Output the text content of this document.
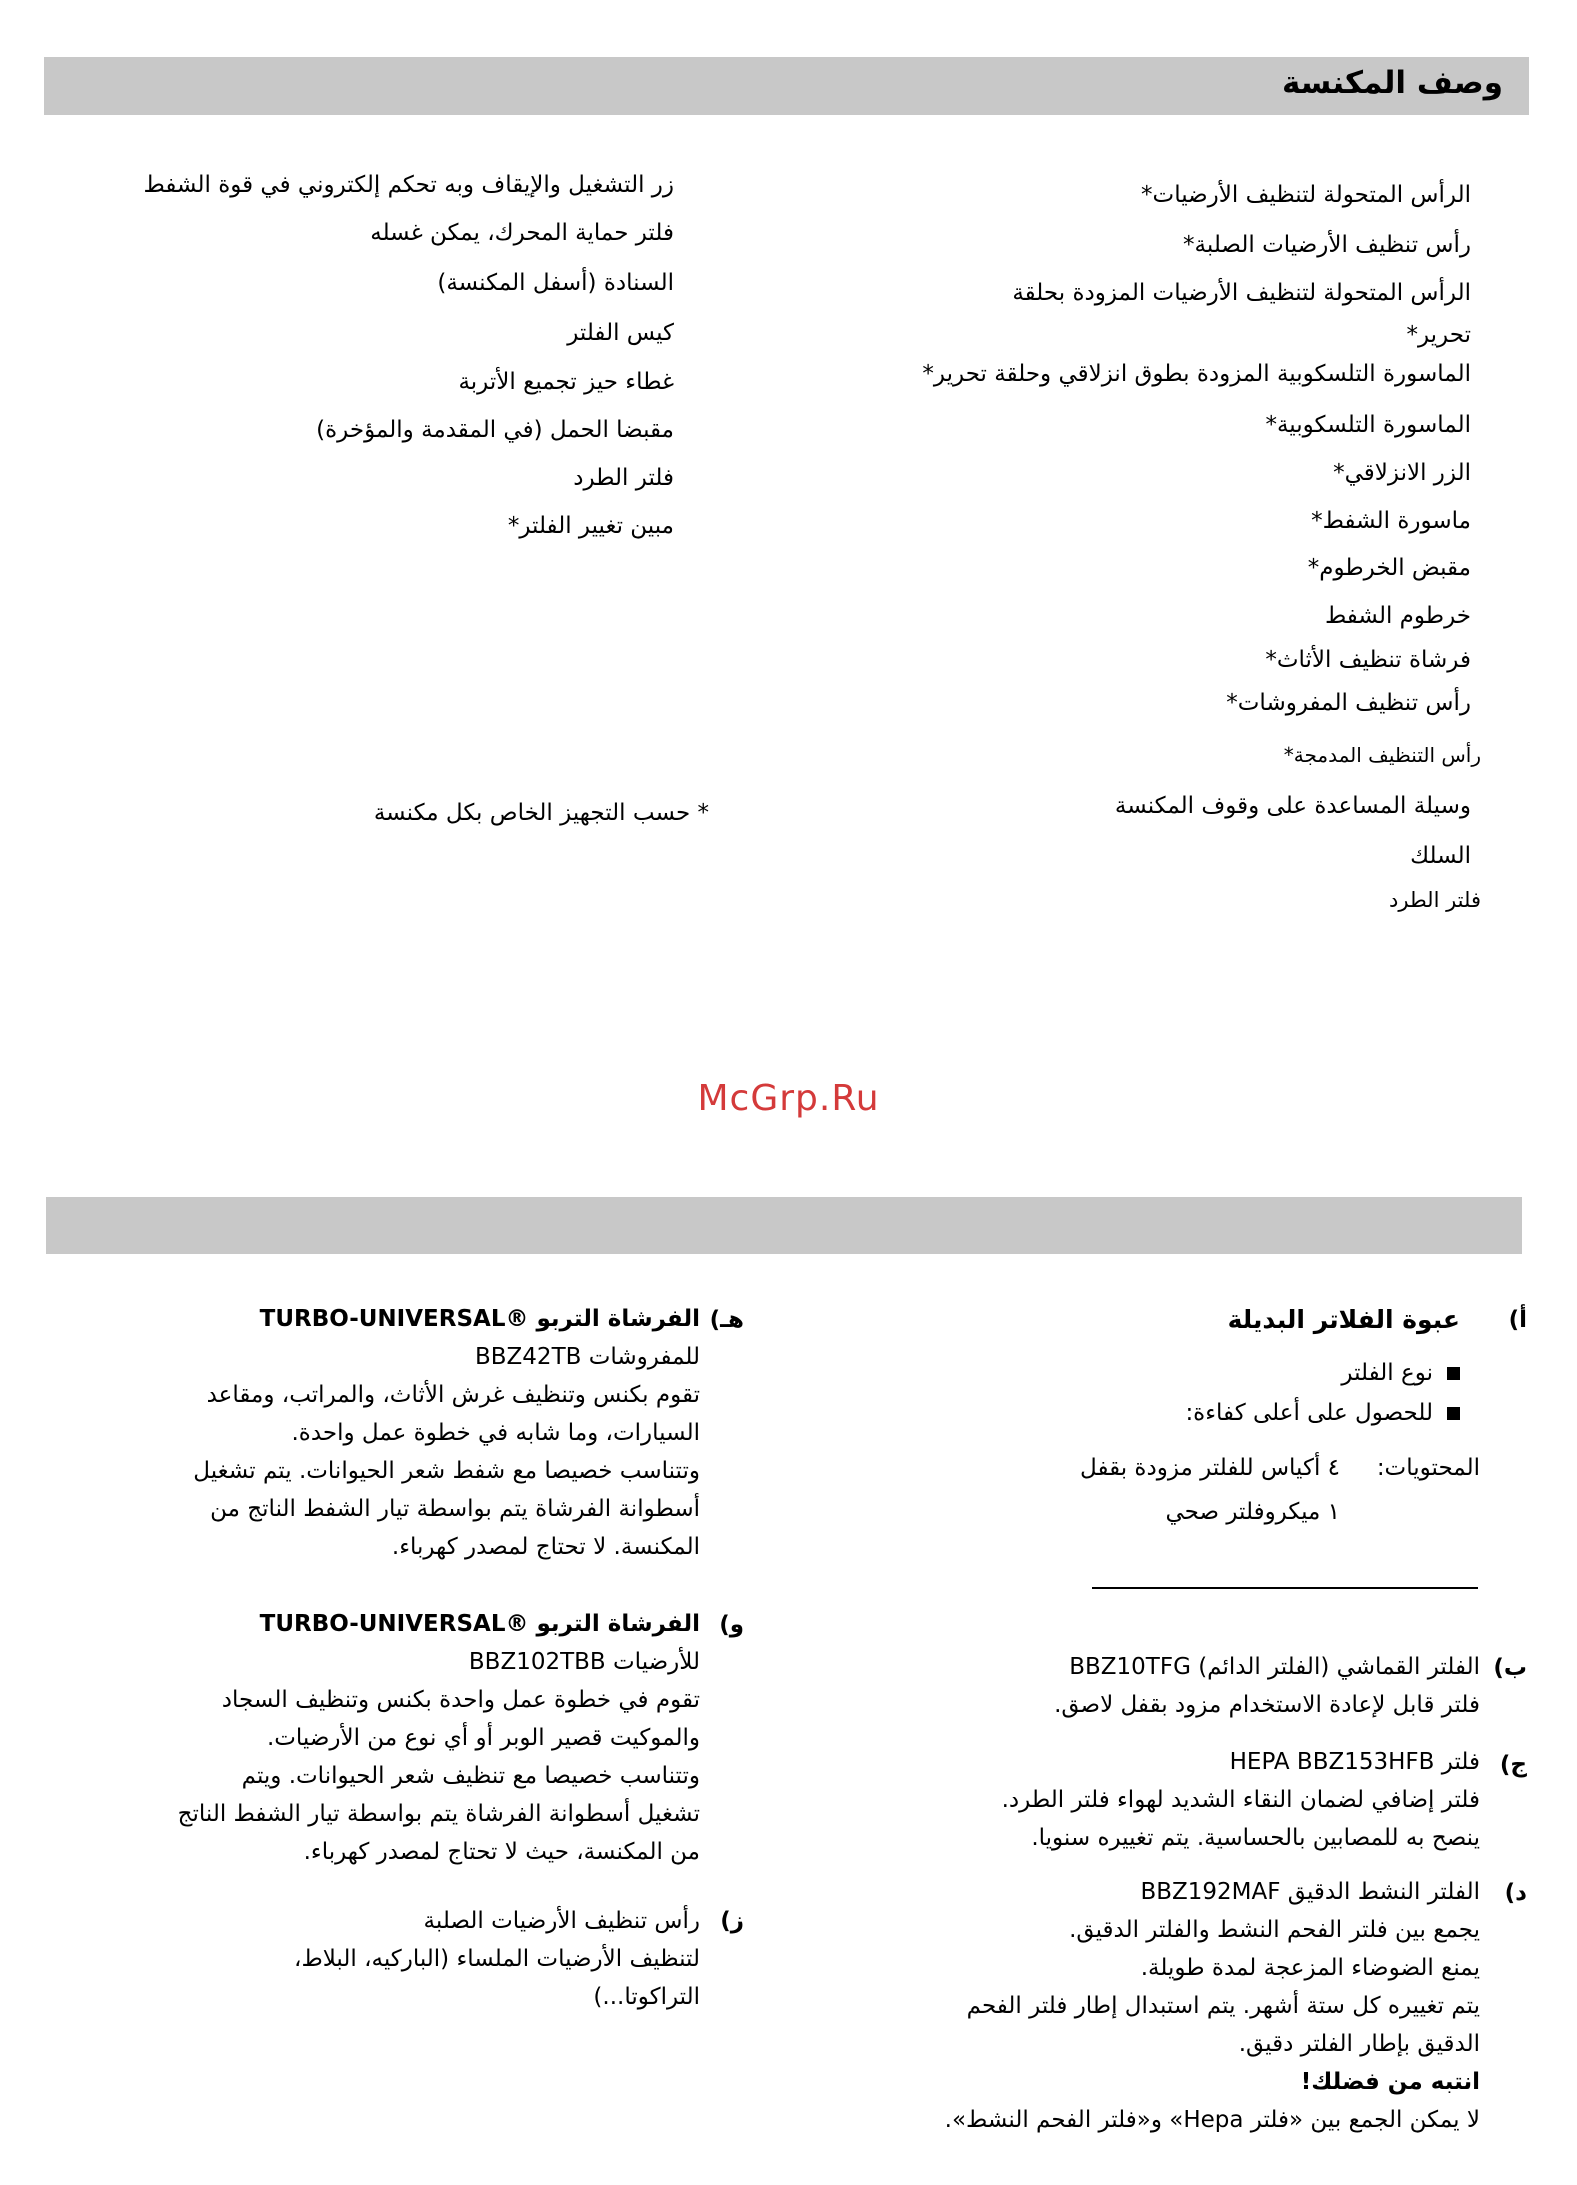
وصف المكنسة
الرأس المتحولة لتنظيف الأرضيات*
رأس تنظيف الأرضيات الصلبة*
الرأس المتحولة لتنظيف الأرضيات المزودة بحلقة
تحرير*
الماسورة التلسكوبية المزودة بطوق انزلاقي وحلقة تحرير*
الماسورة التلسكوبية*
الزر الانزلاقي*
ماسورة الشفط*
مقبض الخرطوم*
خرطوم الشفط
فرشاة تنظيف الأثاث*
رأس تنظيف المفروشات*
رأس التنظيف المدمجة*
وسيلة المساعدة على وقوف المكنسة
السلك
فلتر الطرد
زر التشغيل والإيقاف وبه تحكم إلكتروني في قوة الشفط
فلتر حماية المحرك، يمكن غسله
السنادة (أسفل المكنسة)
كيس الفلتر
غطاء حيز تجميع الأتربة
مقبضا الحمل (في المقدمة والمؤخرة)
فلتر الطرد
مبين تغيير الفلتر*
* حسب التجهيز الخاص بكل مكنسة
McGrp.Ru
أ)
عبوة الفلاتر البديلة
نوع الفلتر
للحصول على أعلى كفاءة:
المحتويات:
٤ أكياس للفلتر مزودة بقفل
١ ميكروفلتر صحي
ب)

الفلتر القماشي (الفلتر الدائم) BBZ10TFG

فلتر قابل لإعادة الاستخدام مزود بقفل لاصق.

ج)

فلتر HEPA BBZ153HFB

فلتر إضافي لضمان النقاء الشديد لهواء فلتر الطرد.

ينصح به للمصابين بالحساسية. يتم تغييره سنويا.

د)

الفلتر النشط الدقيق BBZ192MAF

يجمع بين فلتر الفحم النشط والفلتر الدقيق.

يمنع الضوضاء المزعجة لمدة طويلة.

يتم تغييره كل ستة أشهر. يتم استبدال إطار فلتر الفحم

الدقيق بإطار الفلتر دقيق.

انتبه من فضلك!

لا يمكن الجمع بين «فلتر Hepa» و«فلتر الفحم النشط».

هـ)

الفرشاة التربو ®TURBO-UNIVERSAL

للمفروشات BBZ42TB

تقوم بكنس وتنظيف غرش الأثاث، والمراتب، ومقاعد

السيارات، وما شابه في خطوة عمل واحدة.

وتتناسب خصيصا مع شفط شعر الحيوانات. يتم تشغيل

أسطوانة الفرشاة يتم بواسطة تيار الشفط الناتج من

المكنسة. لا تحتاج لمصدر كهرباء.

و)

الفرشاة التربو ®TURBO-UNIVERSAL

للأرضيات BBZ102TBB

تقوم في خطوة عمل واحدة بكنس وتنظيف السجاد

والموكيت قصير الوبر أو أي نوع من الأرضيات.

وتتناسب خصيصا مع تنظيف شعر الحيوانات. ويتم

تشغيل أسطوانة الفرشاة يتم بواسطة تيار الشفط الناتج

من المكنسة، حيث لا تحتاج لمصدر كهرباء.

ز)

رأس تنظيف الأرضيات الصلبة

لتنظيف الأرضيات الملساء (الباركيه، البلاط،

التراكوتا...)
